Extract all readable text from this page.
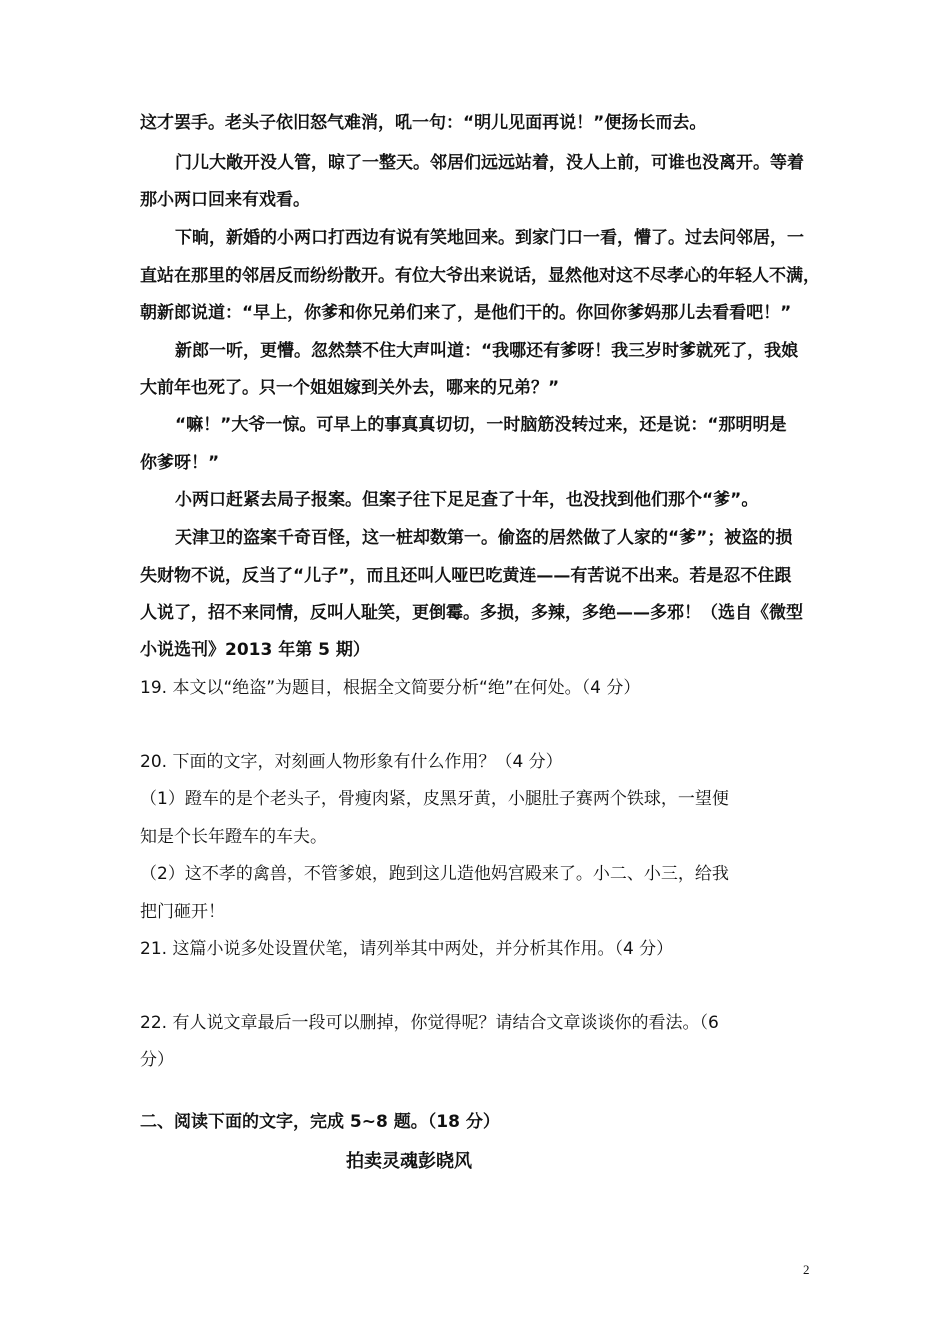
这才罢手。老头子依旧怒气难消，吼一句：“明儿见面再说！”便扬长而去。
门儿大敞开没人管，晾了一整天。邻居们远远站着，没人上前，可谁也没离开。等着
那小两口回来有戏看。
下晌，新婚的小两口打西边有说有笑地回来。到家门口一看，懵了。过去问邻居，一
直站在那里的邻居反而纷纷散开。有位大爷出来说话，显然他对这不尽孝心的年轻人不满，
朝新郎说道：“早上，你爹和你兄弟们来了，是他们干的。你回你爹妈那儿去看看吧！”
新郎一听，更懵。忽然禁不住大声叫道：“我哪还有爹呀！我三岁时爹就死了，我娘
大前年也死了。只一个姐姐嫁到关外去，哪来的兄弟？”
“嘛！”大爷一惊。可早上的事真真切切，一时脑筋没转过来，还是说：“那明明是
你爹呀！”
小两口赶紧去局子报案。但案子往下足足查了十年，也没找到他们那个“爹”。
天津卫的盗案千奇百怪，这一桩却数第一。偷盗的居然做了人家的“爹”；被盗的损
失财物不说，反当了“儿子”，而且还叫人哑巴吃黄连——有苦说不出来。若是忍不住跟
人说了，招不来同情，反叫人耻笑，更倒霉。多损，多辣，多绝——多邪！（选自《微型
小说选刊》2013 年第 5 期）
19. 本文以“绝盗”为题目，根据全文简要分析“绝”在何处。（4 分）
20. 下面的文字，对刻画人物形象有什么作用？（4 分）
（1）蹬车的是个老头子，骨瘦肉紧，皮黑牙黄，小腿肚子赛两个铁球，一望便
知是个长年蹬车的车夫。
（2）这不孝的禽兽，不管爹娘，跑到这儿造他妈宫殿来了。小二、小三，给我
把门砸开！
21. 这篇小说多处设置伏笔，请列举其中两处，并分析其作用。（4 分）
22. 有人说文章最后一段可以删掉，你觉得呢？请结合文章谈谈你的看法。（6
分）
二、阅读下面的文字，完成 5~8 题。（18 分）
拍卖灵魂彭晓风
2
